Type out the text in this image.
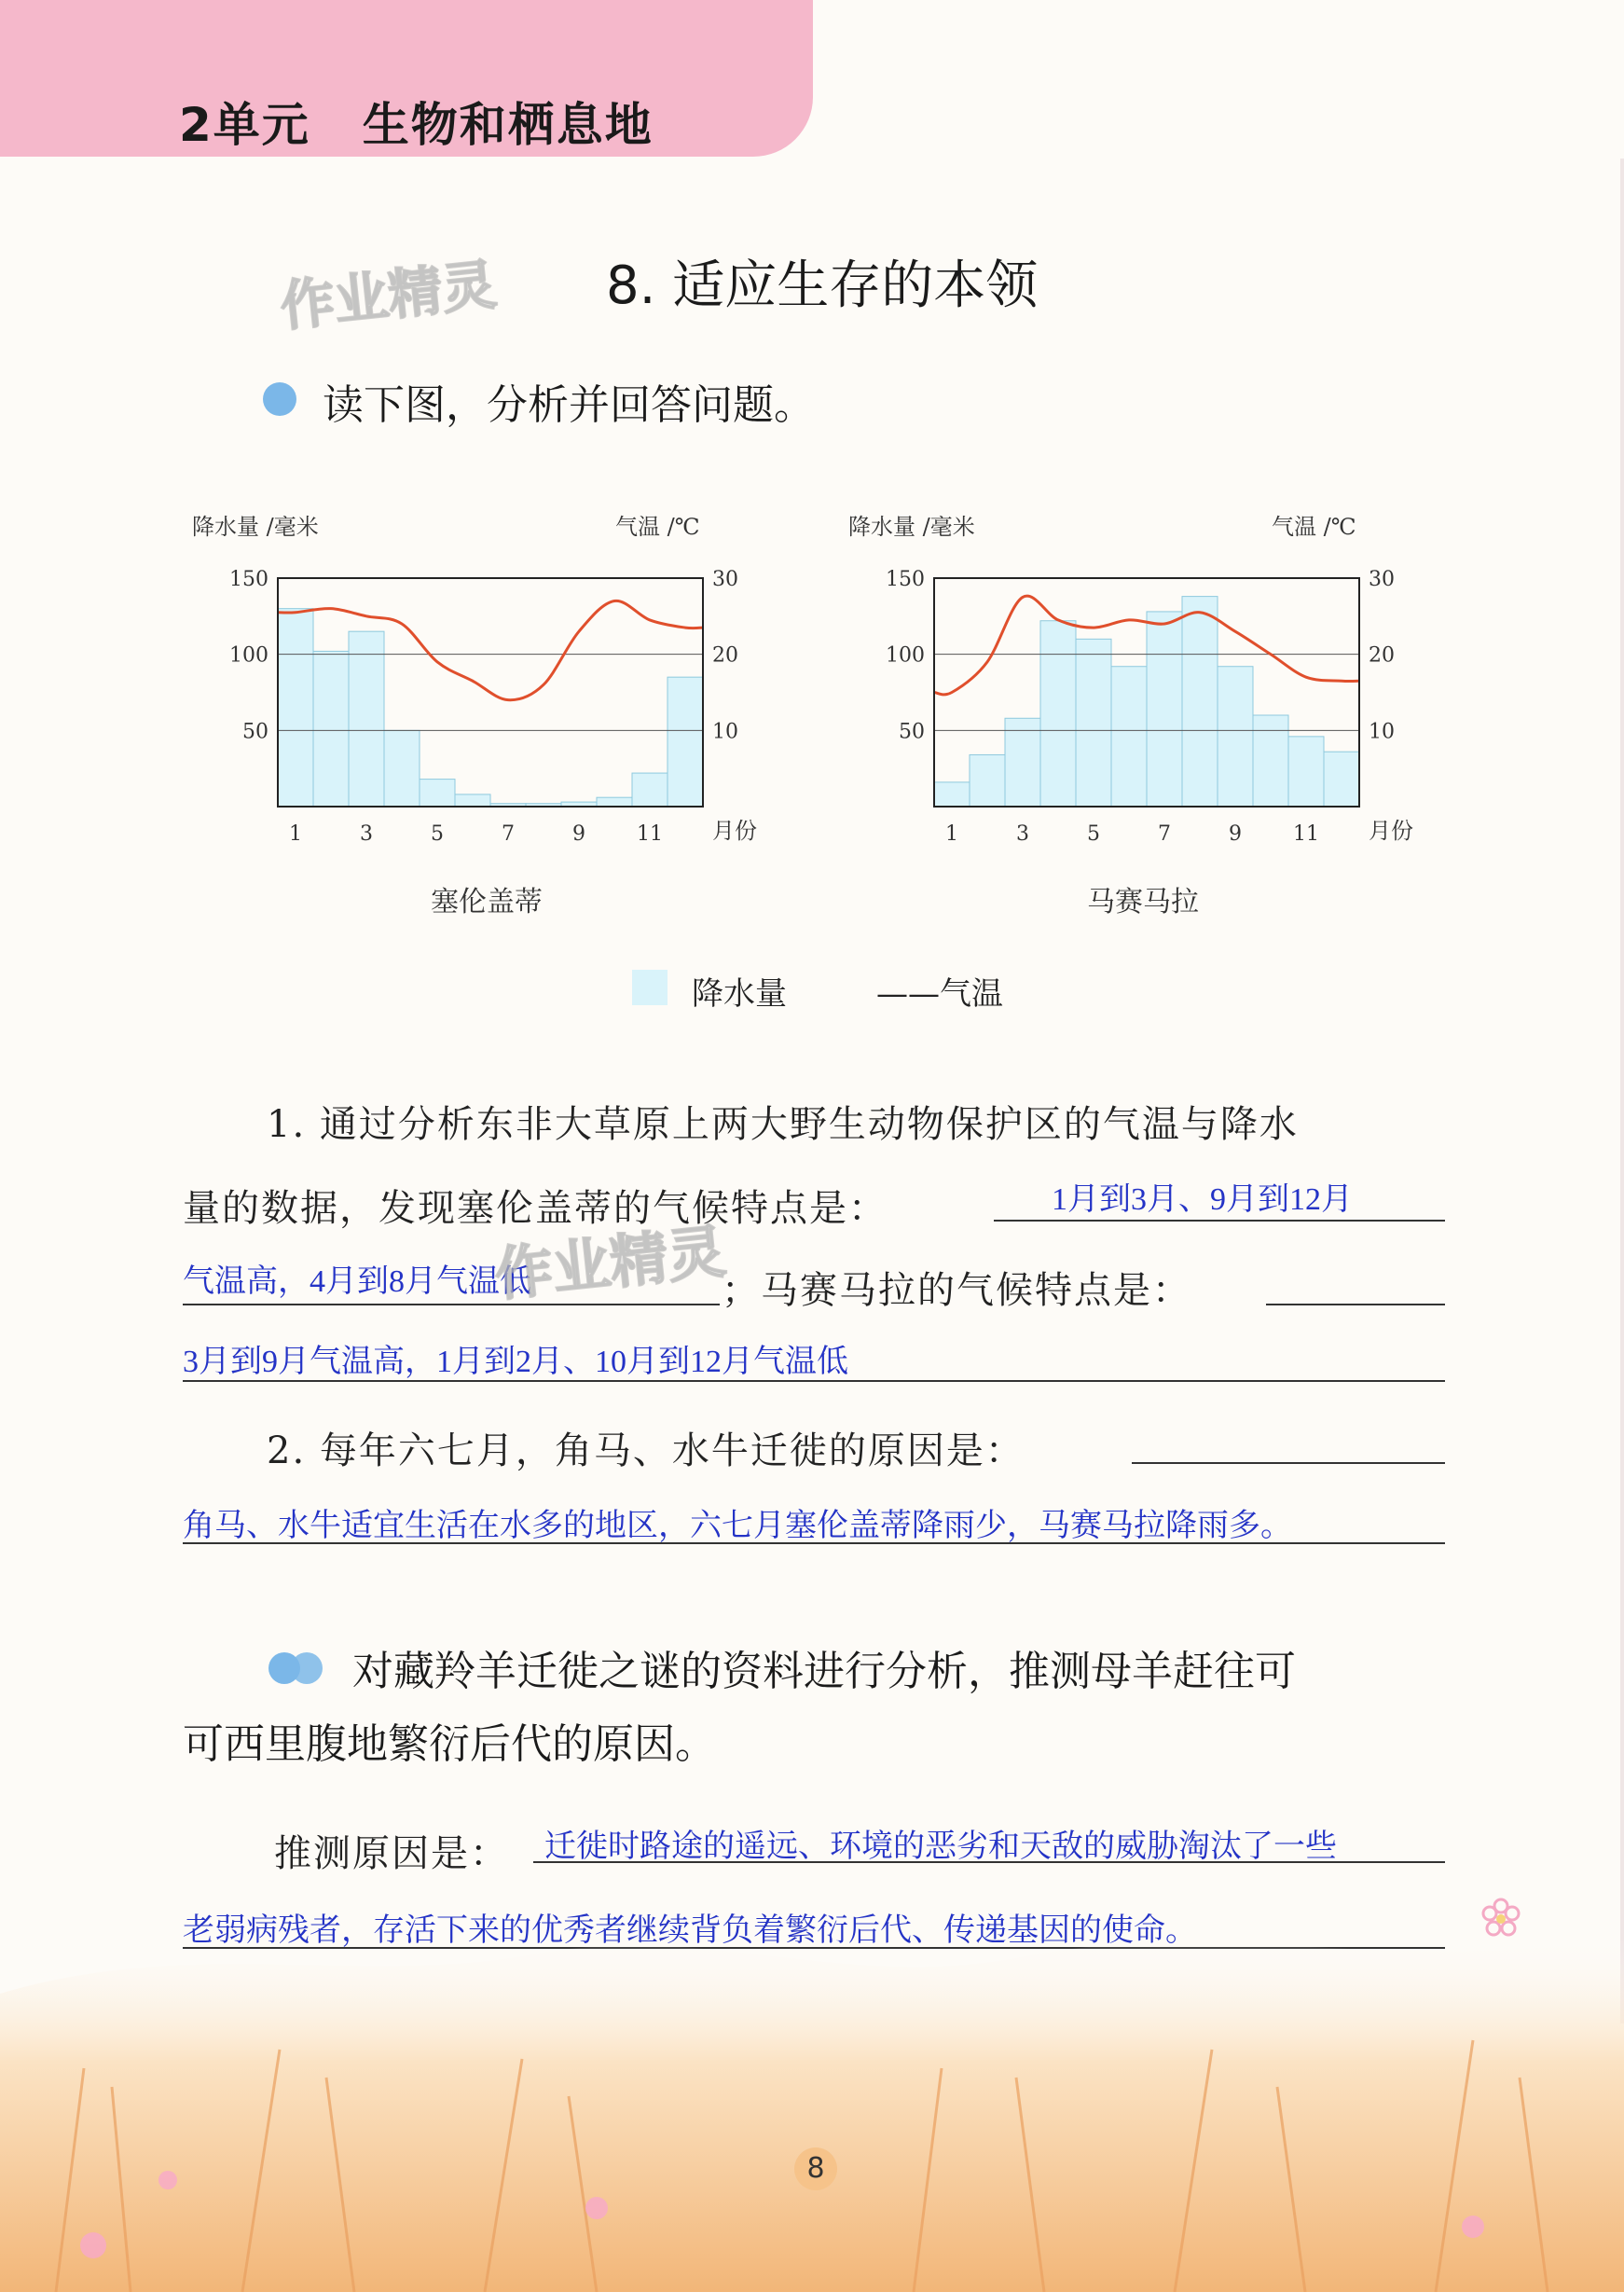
2单元 生物和栖息地
作业精灵 8. 适应生存的本领
读下图，分析并回答问题。
降水量 /毫米	气温 /℃
150
100
50
30
20
10
1	3	5	7	9	11 月份
塞伦盖蒂
降水量 /毫米	气温 /℃
150
100
50
30
20
10
1	3	5	7	9	11 月份
马赛马拉
降水量	——气温
1. 通过分析东非大草原上两大野生动物保护区的气温与降水
量的数据，发现塞伦盖蒂的气候特点是：	1月到3月、9月到12月
气温高，4月到8月气温低	；马赛马拉的气候特点是：
3月到9月气温高，1月到2月、10月到12月气温低
作业精灵
2. 每年六七月，角马、水牛迁徙的原因是：
角马、水牛适宜生活在水多的地区，六七月塞伦盖蒂降雨少，马赛马拉降雨多。
对藏羚羊迁徙之谜的资料进行分析，推测母羊赶往可
可西里腹地繁衍后代的原因。
推测原因是： 迁徙时路途的遥远、环境的恶劣和天敌的威胁淘汰了一些
老弱病残者，存活下来的优秀者继续背负着繁衍后代、传递基因的使命。
8
